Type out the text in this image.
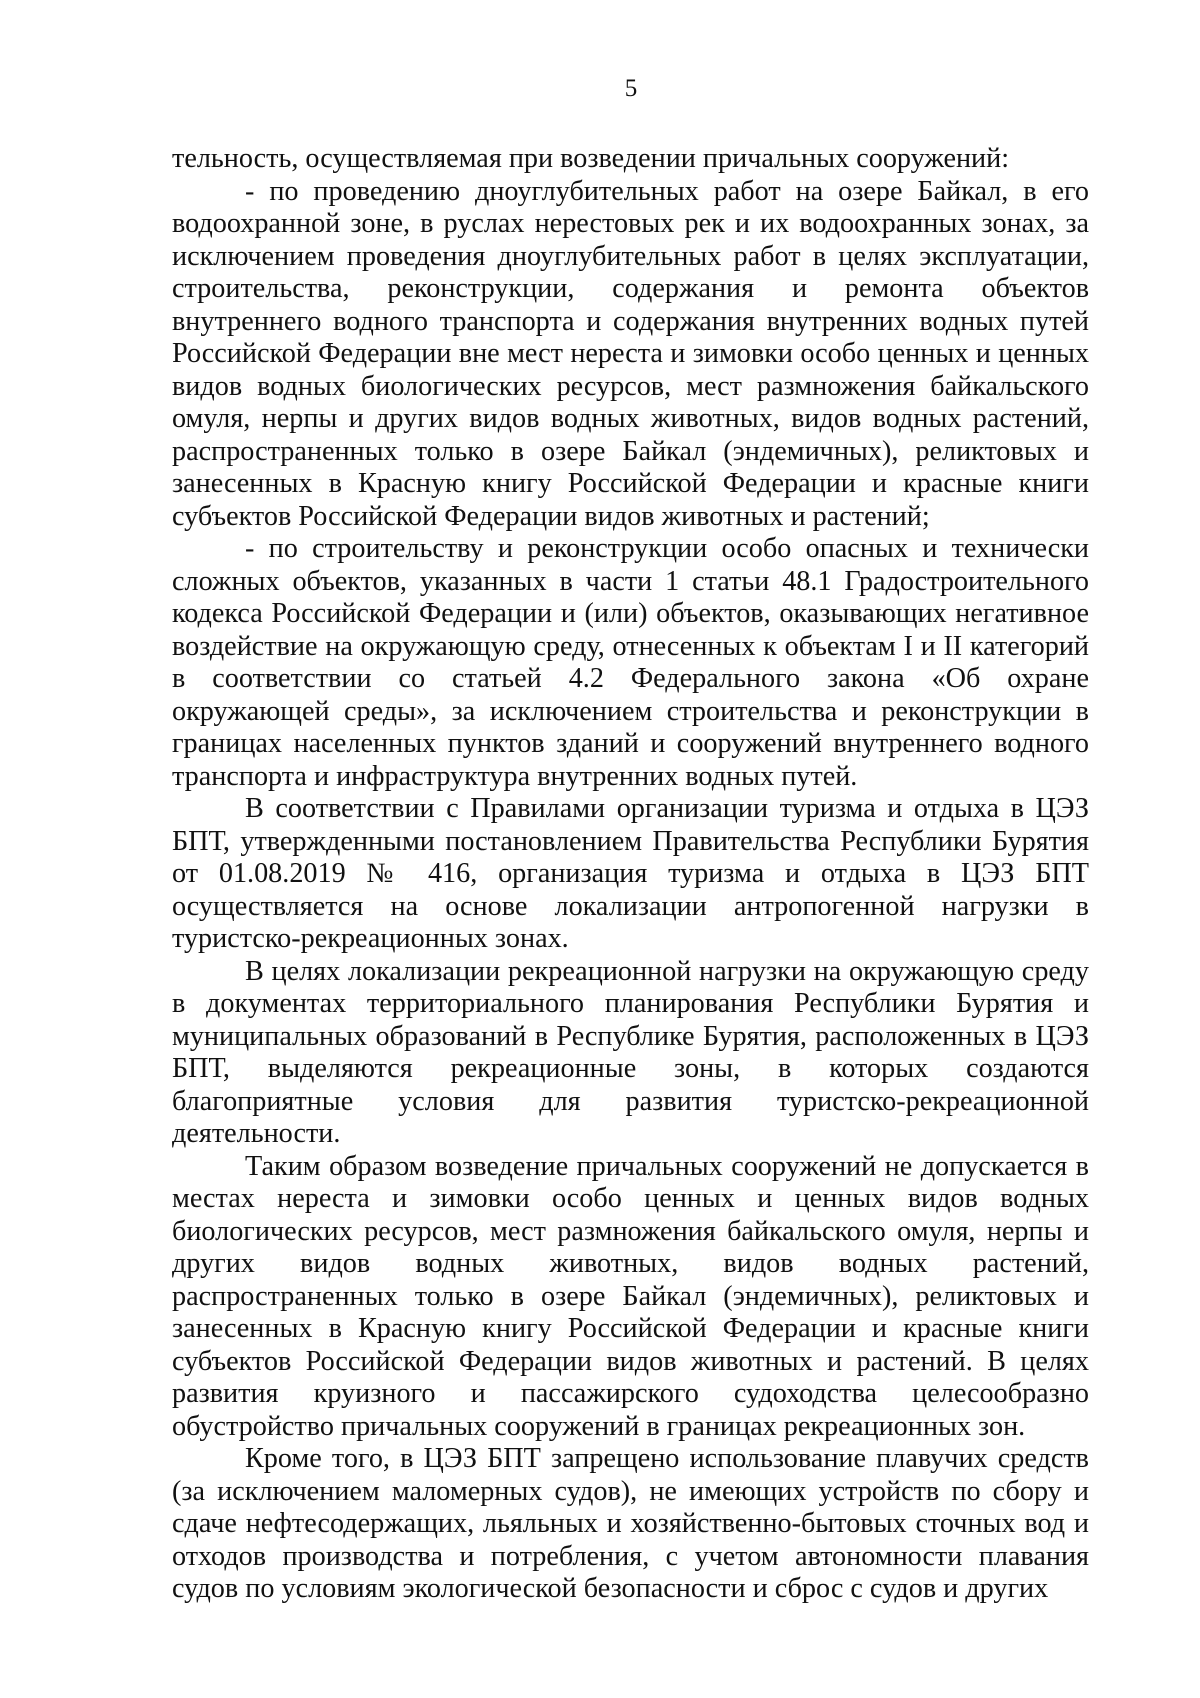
5

тельность, осуществляемая при возведении причальных сооружений:

- по проведению дноуглубительных работ на озере Байкал, в его водоохранной зоне, в руслах нерестовых рек и их водоохранных зонах, за исключением проведения дноуглубительных работ в целях эксплуатации, строительства, реконструкции, содержания и ремонта объектов внутреннего водного транспорта и содержания внутренних водных путей Российской Федерации вне мест нереста и зимовки особо ценных и ценных видов водных биологических ресурсов, мест размножения байкальского омуля, нерпы и других видов водных животных, видов водных растений, распространенных только в озере Байкал (эндемичных), реликтовых и занесенных в Красную книгу Российской Федерации и красные книги субъектов Российской Федерации видов животных и растений;

- по строительству и реконструкции особо опасных и технически сложных объектов, указанных в части 1 статьи 48.1 Градостроительного кодекса Российской Федерации и (или) объектов, оказывающих негативное воздействие на окружающую среду, отнесенных к объектам I и II категорий в соответствии со статьей 4.2 Федерального закона «Об охране окружающей среды», за исключением строительства и реконструкции в границах населенных пунктов зданий и сооружений внутреннего водного транспорта и инфраструктура внутренних водных путей.

В соответствии с Правилами организации туризма и отдыха в ЦЭЗ БПТ, утвержденными постановлением Правительства Республики Бурятия от 01.08.2019 № 416, организация туризма и отдыха в ЦЭЗ БПТ осуществляется на основе локализации антропогенной нагрузки в туристско-рекреационных зонах.

В целях локализации рекреационной нагрузки на окружающую среду в документах территориального планирования Республики Бурятия и муниципальных образований в Республике Бурятия, расположенных в ЦЭЗ БПТ, выделяются рекреационные зоны, в которых создаются благоприятные условия для развития туристско-рекреационной деятельности.

Таким образом возведение причальных сооружений не допускается в местах нереста и зимовки особо ценных и ценных видов водных биологических ресурсов, мест размножения байкальского омуля, нерпы и других видов водных животных, видов водных растений, распространенных только в озере Байкал (эндемичных), реликтовых и занесенных в Красную книгу Российской Федерации и красные книги субъектов Российской Федерации видов животных и растений. В целях развития круизного и пассажирского судоходства целесообразно обустройство причальных сооружений в границах рекреационных зон.

Кроме того, в ЦЭЗ БПТ запрещено использование плавучих средств (за исключением маломерных судов), не имеющих устройств по сбору и сдаче нефтесодержащих, льяльных и хозяйственно-бытовых сточных вод и отходов производства и потребления, с учетом автономности плавания судов по условиям экологической безопасности и сброс с судов и других
